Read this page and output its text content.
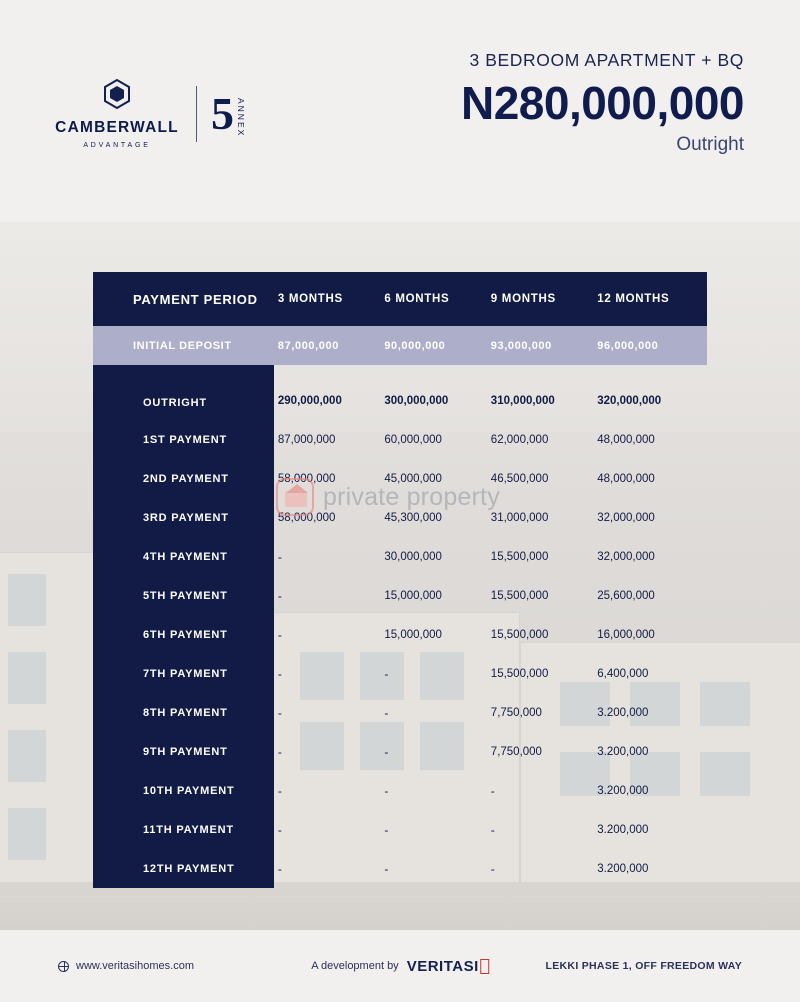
CAMBERWALL
ADVANTAGE
5 ANNEX
3 BEDROOM APARTMENT + BQ
N280,000,000
Outright
PAYMENT PERIOD	3 MONTHS	6 MONTHS	9 MONTHS	12 MONTHS
INITIAL DEPOSIT	87,000,000	90,000,000	93,000,000	96,000,000

OUTRIGHT	290,000,000	300,000,000	310,000,000	320,000,000
1ST PAYMENT	87,000,000	60,000,000	62,000,000	48,000,000
2ND PAYMENT	58,000,000	45,000,000	46,500,000	48,000,000
3RD PAYMENT	58,000,000	45,300,000	31,000,000	32,000,000
4TH PAYMENT	-	30,000,000	15,500,000	32,000,000
5TH PAYMENT	-	15,000,000	15,500,000	25,600,000
6TH PAYMENT	-	15,000,000	15,500,000	16,000,000
7TH PAYMENT	-	-	15,500,000	6,400,000
8TH PAYMENT	-	-	7,750,000	3.200,000
9TH PAYMENT	-	-	7,750,000	3.200,000
10TH PAYMENT	-	-	-	3.200,000
11TH PAYMENT	-	-	-	3.200,000
12TH PAYMENT	-	-	-	3.200,000
private property
www.veritasihomes.com	A development by VERITASI	LEKKI PHASE 1, OFF FREEDOM WAY
